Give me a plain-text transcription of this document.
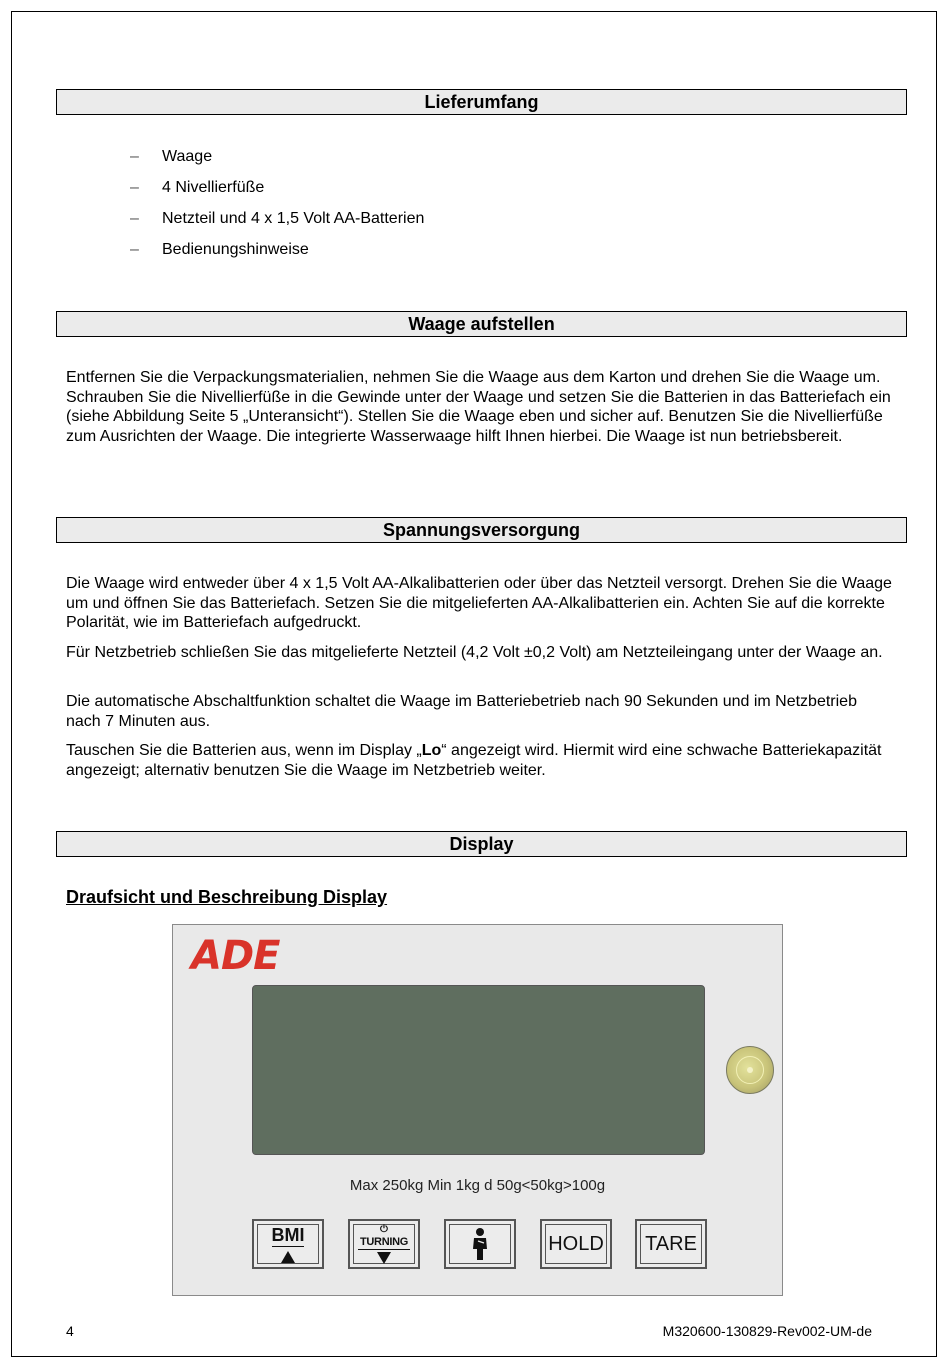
Lieferumfang
– Waage
– 4 Nivellierfüße
– Netzteil und 4 x 1,5 Volt AA-Batterien
– Bedienungshinweise
Waage aufstellen

Entfernen Sie die Verpackungsmaterialien, nehmen Sie die Waage aus dem Karton und drehen Sie die Waage um. Schrauben Sie die Nivellierfüße in die Gewinde unter der Waage und setzen Sie die Batterien in das Batteriefach ein (siehe Abbildung Seite 5 „Unteransicht“). Stellen Sie die Waage eben und sicher auf. Benutzen Sie die Nivellierfüße zum Ausrichten der Waage. Die integrierte Wasserwaage hilft Ihnen hierbei. Die Waage ist nun betriebsbereit.

Spannungsversorgung

Die Waage wird entweder über 4 x 1,5 Volt AA-Alkalibatterien oder über das Netzteil versorgt. Drehen Sie die Waage um und öffnen Sie das Batteriefach. Setzen Sie die mitgelieferten AA-Alkalibatterien ein. Achten Sie auf die korrekte Polarität, wie im Batteriefach aufgedruckt.

Für Netzbetrieb schließen Sie das mitgelieferte Netzteil (4,2 Volt ±0,2 Volt) am Netzteileingang unter der Waage an.

Die automatische Abschaltfunktion schaltet die Waage im Batteriebetrieb nach 90 Sekunden und im Netzbetrieb nach 7 Minuten aus.

Tauschen Sie die Batterien aus, wenn im Display „Lo“ angezeigt wird. Hiermit wird eine schwache Batteriekapazität angezeigt; alternativ benutzen Sie die Waage im Netzbetrieb weiter.

Display

Draufsicht und Beschreibung Display

ADE
Max 250kg Min 1kg d 50g<50kg>100g
BMI	⏻
TURNING	HOLD	TARE
4	M320600-130829-Rev002-UM-de
